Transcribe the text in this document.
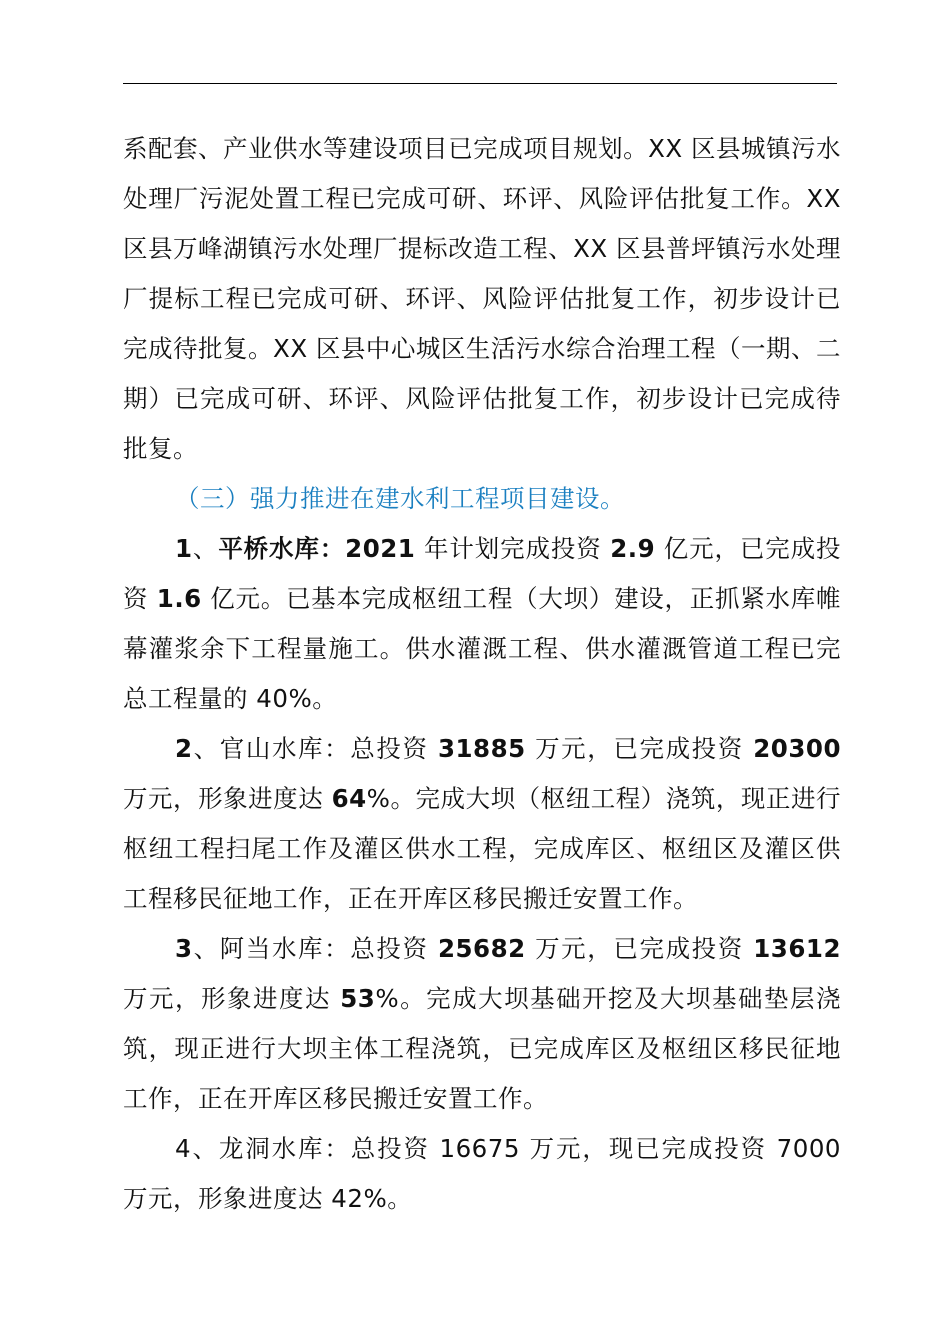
系配套、产业供水等建设项目已完成项目规划。XX 区县城镇污水处理厂污泥处置工程已完成可研、环评、风险评估批复工作。XX 区县万峰湖镇污水处理厂提标改造工程、XX 区县普坪镇污水处理厂提标工程已完成可研、环评、风险评估批复工作，初步设计已完成待批复。XX 区县中心城区生活污水综合治理工程（一期、二期）已完成可研、环评、风险评估批复工作，初步设计已完成待批复。

（三）强力推进在建水利工程项目建设。

1、平桥水库：2021 年计划完成投资 2.9 亿元，已完成投资 1.6 亿元。已基本完成枢纽工程（大坝）建设，正抓紧水库帷幕灌浆余下工程量施工。供水灌溉工程、供水灌溉管道工程已完总工程量的 40%。

2、官山水库：总投资 31885 万元，已完成投资 20300 万元，形象进度达 64%。完成大坝（枢纽工程）浇筑，现正进行枢纽工程扫尾工作及灌区供水工程，完成库区、枢纽区及灌区供工程移民征地工作，正在开库区移民搬迁安置工作。

3、阿当水库：总投资 25682 万元，已完成投资 13612 万元，形象进度达 53%。完成大坝基础开挖及大坝基础垫层浇筑，现正进行大坝主体工程浇筑，已完成库区及枢纽区移民征地工作，正在开库区移民搬迁安置工作。

4、龙洞水库：总投资 16675 万元，现已完成投资 7000 万元，形象进度达 42%。
